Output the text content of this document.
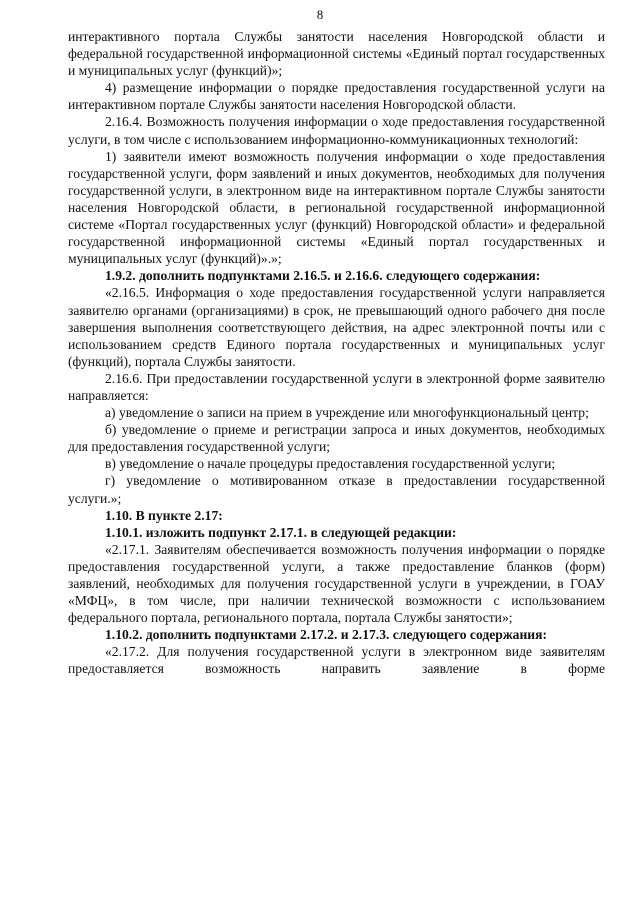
8

интерактивного портала Службы занятости населения Новгородской области и федеральной государственной информационной системы «Единый портал государственных и муниципальных услуг (функций)»;

4) размещение информации о порядке предоставления государственной услуги на интерактивном портале Службы занятости населения Новгородской области.

2.16.4. Возможность получения информации о ходе предоставления государственной услуги, в том числе с использованием информационно-коммуникационных технологий:

1) заявители имеют возможность получения информации о ходе предоставления государственной услуги, форм заявлений и иных документов, необходимых для получения государственной услуги, в электронном виде на интерактивном портале Службы занятости населения Новгородской области, в региональной государственной информационной системе «Портал государственных услуг (функций) Новгородской области» и федеральной государственной информационной системы «Единый портал государственных и муниципальных услуг (функций)».»;

1.9.2. дополнить подпунктами 2.16.5. и 2.16.6. следующего содержания:

«2.16.5. Информация о ходе предоставления государственной услуги направляется заявителю органами (организациями) в срок, не превышающий одного рабочего дня после завершения выполнения соответствующего действия, на адрес электронной почты или с использованием средств Единого портала государственных и муниципальных услуг (функций), портала Службы занятости.

2.16.6. При предоставлении государственной услуги в электронной форме заявителю направляется:

а) уведомление о записи на прием в учреждение или многофункциональный центр;

б) уведомление о приеме и регистрации запроса и иных документов, необходимых для предоставления государственной услуги;

в) уведомление о начале процедуры предоставления государственной услуги;

г) уведомление о мотивированном отказе в предоставлении государственной услуги.»;

1.10. В пункте 2.17:

1.10.1. изложить подпункт 2.17.1. в следующей редакции:

«2.17.1. Заявителям обеспечивается возможность получения информации о порядке предоставления государственной услуги, а также предоставление бланков (форм) заявлений, необходимых для получения государственной услуги в учреждении, в ГОАУ «МФЦ», в том числе, при наличии технической возможности с использованием федерального портала, регионального портала, портала Службы занятости»;

1.10.2. дополнить подпунктами 2.17.2. и 2.17.3. следующего содержания:

«2.17.2. Для получения государственной услуги в электронном виде заявителям предоставляется возможность направить заявление в форме
